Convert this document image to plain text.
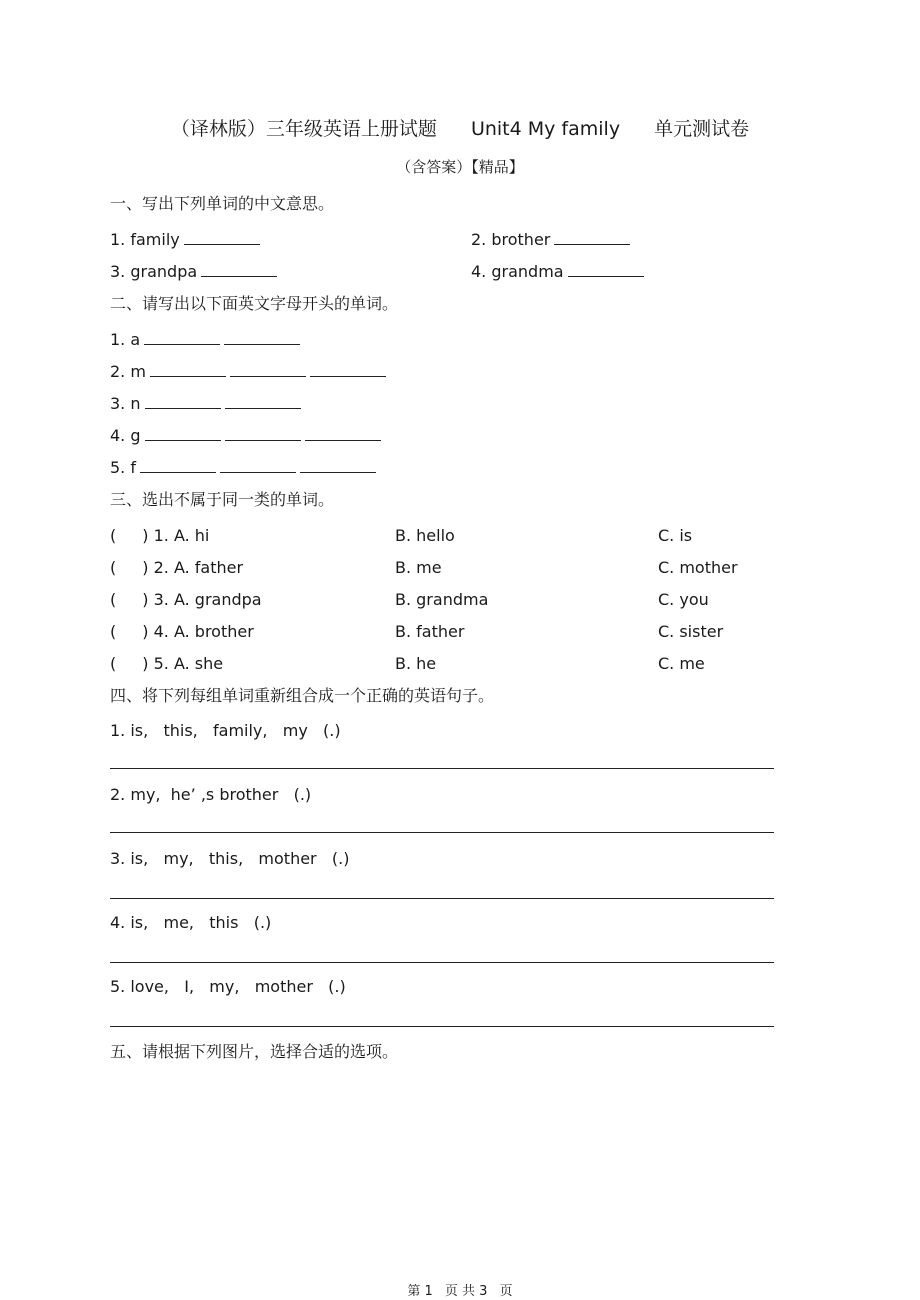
（译林版）三年级英语上册试题 Unit4 My family 单元测试卷
（含答案）【精品】
一、写出下列单词的中文意思。
1. family	2. brother
3. grandpa	4. grandma
二、请写出以下面英文字母开头的单词。
1. a
2. m
3. n
4. g
5. f
三、选出不属于同一类的单词。
( ) 1. A. hi	B. hello	C. is
( ) 2. A. father	B. me	C. mother
( ) 3. A. grandpa	B. grandma	C. you
( ) 4. A. brother	B. father	C. sister
( ) 5. A. she	B. he	C. me
四、将下列每组单词重新组合成一个正确的英语句子。
1. is,   this,   family,   my   (.)
2. my,  he’ ,s brother   (.)
3. is,   my,   this,   mother   (.)
4. is,   me,   this   (.)
5. love,   I,   my,   mother   (.)
五、请根据下列图片，选择合适的选项。
第 1 页 共 3 页
